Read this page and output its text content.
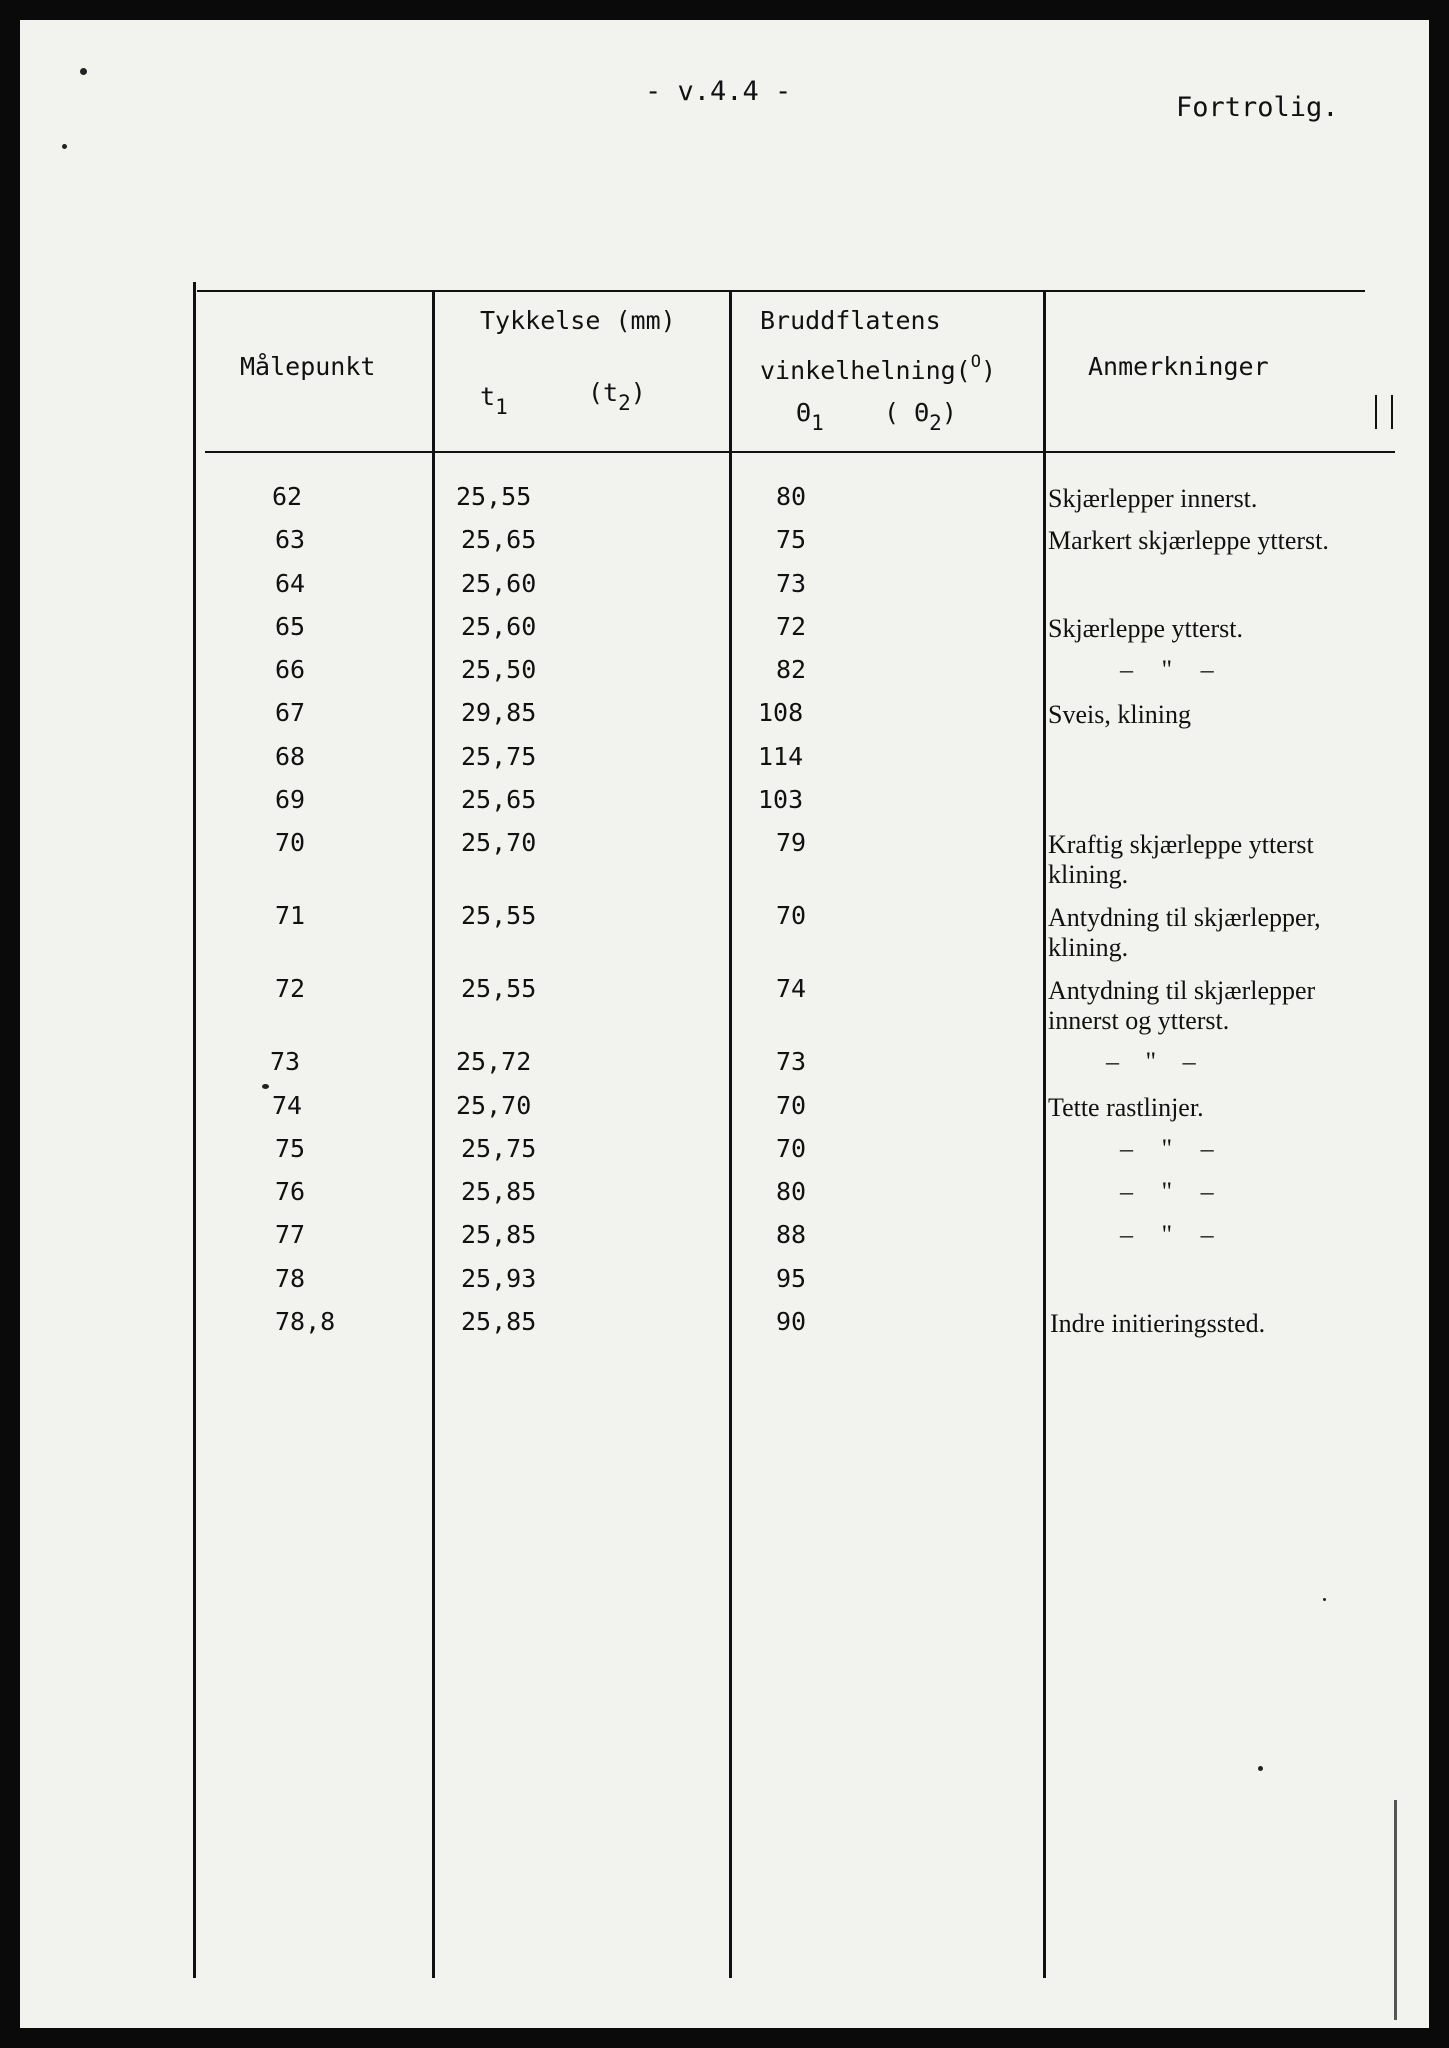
- v.4.4 -
Fortrolig.
Målepunkt
Tykkelse (mm)
$t_1$	$(t_2)$
Bruddflatens
vinkelhelning($^O$)
$\Theta_1$ ( $\Theta_2$)
Anmerkninger
62	25,55	80	Skjærlepper innerst.
63	25,65	75	Markert skjærleppe ytterst.
64	25,60	73
65	25,60	72	Skjærleppe ytterst.
66	25,50	82	– " –
67	29,85	108	Sveis, klining
68	25,75	114
69	25,65	103
70	25,70	79	Kraftig skjærleppe ytterst
klining.
71	25,55	70	Antydning til skjærlepper,
klining.
72	25,55	74	Antydning til skjærlepper
innerst og ytterst.
73	25,72	73	– " –
74	25,70	70	Tette rastlinjer.
75	25,75	70	– " –
76	25,85	80	– " –
77	25,85	88	– " –
78	25,93	95
78,8	25,85	90	Indre initieringssted.
